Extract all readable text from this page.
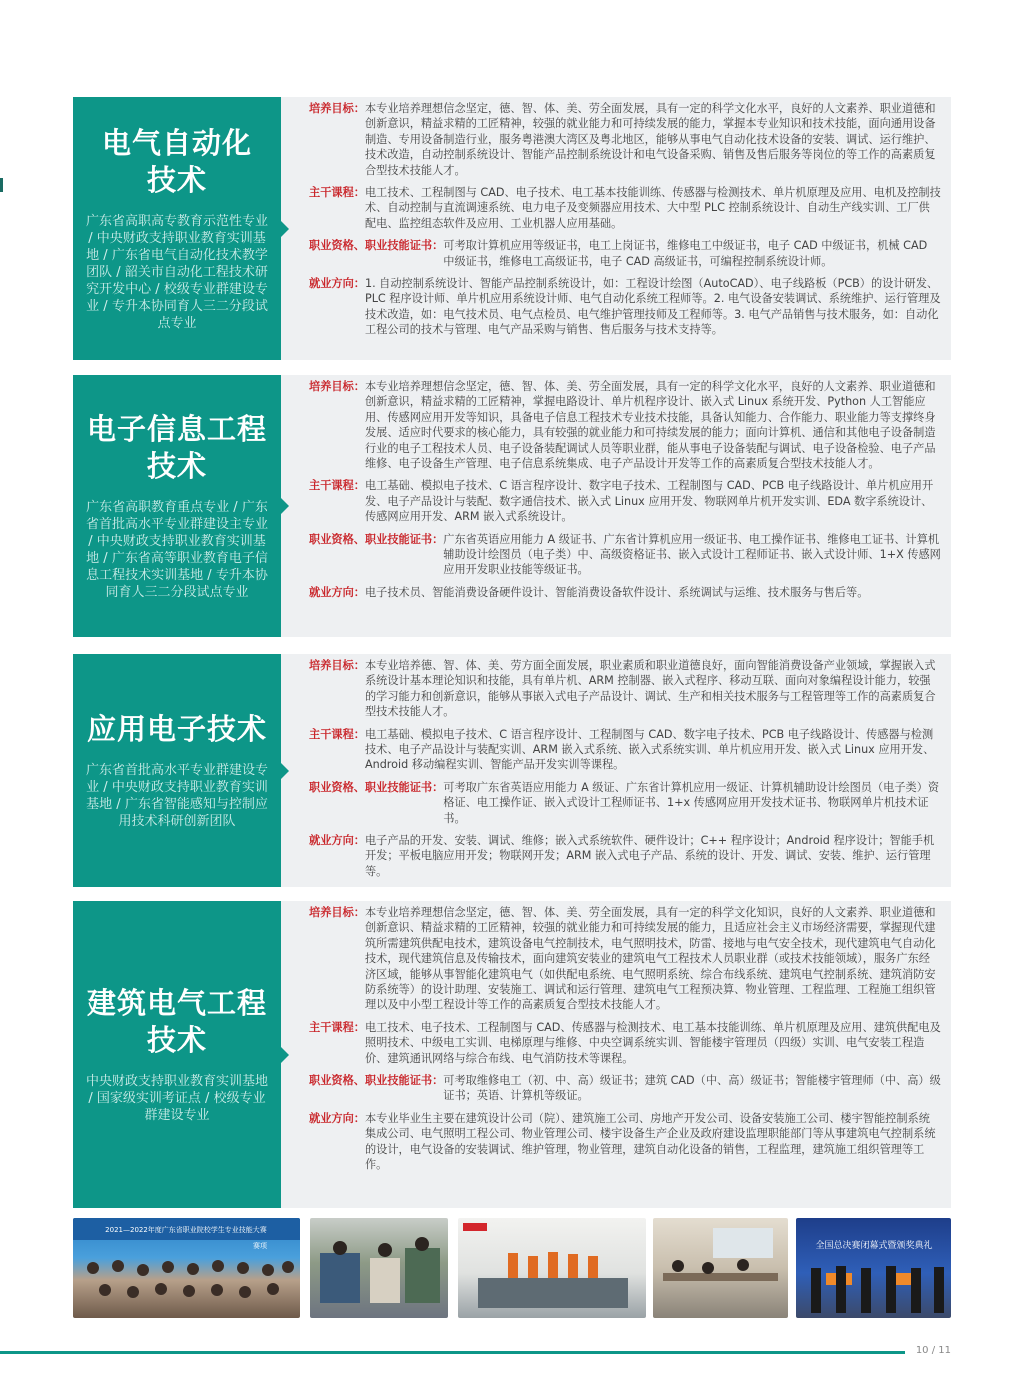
电气自动化
技术
广东省高职高专教育示范性专业 / 中央财政支持职业教育实训基地 / 广东省电气自动化技术教学团队 / 韶关市自动化工程技术研究开发中心 / 校级专业群建设专业 / 专升本协同育人三二分段试点专业
培养目标： 本专业培养理想信念坚定，德、智、体、美、劳全面发展，具有一定的科学文化水平，良好的人文素养、职业道德和创新意识，精益求精的工匠精神，较强的就业能力和可持续发展的能力，掌握本专业知识和技术技能，面向通用设备制造、专用设备制造行业，服务粤港澳大湾区及粤北地区，能够从事电气自动化技术设备的安装、调试、运行维护、技术改造，自动控制系统设计、智能产品控制系统设计和电气设备采购、销售及售后服务等岗位的等工作的高素质复合型技术技能人才。
主干课程： 电工技术、工程制图与 CAD、电子技术、电工基本技能训练、传感器与检测技术、单片机原理及应用、电机及控制技术、自动控制与直流调速系统、电力电子及变频器应用技术、大中型 PLC 控制系统设计、自动生产线实训、工厂供配电、监控组态软件及应用、工业机器人应用基础。
职业资格、职业技能证书： 可考取计算机应用等级证书，电工上岗证书，维修电工中级证书，电子 CAD 中级证书，机械 CAD 中级证书，维修电工高级证书，电子 CAD 高级证书，可编程控制系统设计师。
就业方向： 1. 自动控制系统设计、智能产品控制系统设计，如：工程设计绘图（AutoCAD）、电子线路板（PCB）的设计研发、PLC 程序设计师、单片机应用系统设计师、电气自动化系统工程师等。2. 电气设备安装调试、系统维护、运行管理及技术改造，如：电气技术员、电气点检员、电气维护管理技师及工程师等。3. 电气产品销售与技术服务，如：自动化工程公司的技术与管理、电气产品采购与销售、售后服务与技术支持等。
电子信息工程
技术
广东省高职教育重点专业 / 广东省首批高水平专业群建设主专业 / 中央财政支持职业教育实训基地 / 广东省高等职业教育电子信息工程技术实训基地 / 专升本协同育人三二分段试点专业
培养目标： 本专业培养理想信念坚定，德、智、体、美、劳全面发展，具有一定的科学文化水平，良好的人文素养、职业道德和创新意识，精益求精的工匠精神，掌握电路设计、单片机程序设计、嵌入式 Linux 系统开发、Python 人工智能应用、传感网应用开发等知识，具备电子信息工程技术专业技术技能，具备认知能力、合作能力、职业能力等支撑终身发展、适应时代要求的核心能力，具有较强的就业能力和可持续发展的能力；面向计算机、通信和其他电子设备制造行业的电子工程技术人员、电子设备装配调试人员等职业群，能从事电子设备装配与调试、电子设备检验、电子产品维修、电子设备生产管理、电子信息系统集成、电子产品设计开发等工作的高素质复合型技术技能人才。
主干课程： 电工基础、模拟电子技术、C 语言程序设计、数字电子技术、工程制图与 CAD、PCB 电子线路设计、单片机应用开发、电子产品设计与装配、数字通信技术、嵌入式 Linux 应用开发、物联网单片机开发实训、EDA 数字系统设计、传感网应用开发、ARM 嵌入式系统设计。
职业资格、职业技能证书： 广东省英语应用能力 A 级证书、广东省计算机应用一级证书、电工操作证书、维修电工证书、计算机辅助设计绘图员（电子类）中、高级资格证书、嵌入式设计工程师证书、嵌入式设计师、1+X 传感网应用开发职业技能等级证书。
就业方向： 电子技术员、智能消费设备硬件设计、智能消费设备软件设计、系统调试与运维、技术服务与售后等。
应用电子技术
广东省首批高水平专业群建设专业 / 中央财政支持职业教育实训基地 / 广东省智能感知与控制应用技术科研创新团队
培养目标： 本专业培养德、智、体、美、劳方面全面发展，职业素质和职业道德良好，面向智能消费设备产业领域，掌握嵌入式系统设计基本理论知识和技能，具有单片机、ARM 控制器、嵌入式程序、移动互联、面向对象编程设计能力，较强的学习能力和创新意识，能够从事嵌入式电子产品设计、调试、生产和相关技术服务与工程管理等工作的高素质复合型技术技能人才。
主干课程： 电工基础、模拟电子技术、C 语言程序设计、工程制图与 CAD、数字电子技术、PCB 电子线路设计、传感器与检测技术、电子产品设计与装配实训、ARM 嵌入式系统、嵌入式系统实训、单片机应用开发、嵌入式 Linux 应用开发、Android 移动编程实训、智能产品开发实训等课程。
职业资格、职业技能证书： 可考取广东省英语应用能力 A 级证、广东省计算机应用一级证、计算机辅助设计绘图员（电子类）资格证、电工操作证、嵌入式设计工程师证书、1+x 传感网应用开发技术证书、物联网单片机技术证书。
就业方向： 电子产品的开发、安装、调试、维修；嵌入式系统软件、硬件设计；C++ 程序设计；Android 程序设计；智能手机开发；平板电脑应用开发；物联网开发；ARM 嵌入式电子产品、系统的设计、开发、调试、安装、维护、运行管理等。
建筑电气工程
技术
中央财政支持职业教育实训基地 / 国家级实训考证点 / 校级专业群建设专业
培养目标： 本专业培养理想信念坚定，德、智、体、美、劳全面发展，具有一定的科学文化知识，良好的人文素养、职业道德和创新意识、精益求精的工匠精神，较强的就业能力和可持续发展的能力，且适应社会主义市场经济需要，掌握现代建筑所需建筑供配电技术，建筑设备电气控制技术，电气照明技术，防雷、接地与电气安全技术，现代建筑电气自动化技术，现代建筑信息及传输技术，面向建筑安装业的建筑电气工程技术人员职业群（或技术技能领域），服务广东经济区域，能够从事智能化建筑电气（如供配电系统、电气照明系统、综合布线系统、建筑电气控制系统、建筑消防安防系统等）的设计助理、安装施工、调试和运行管理、建筑电气工程预决算、物业管理、工程监理、工程施工组织管理以及中小型工程设计等工作的高素质复合型技术技能人才。
主干课程： 电工技术、电子技术、工程制图与 CAD、传感器与检测技术、电工基本技能训练、单片机原理及应用、建筑供配电及照明技术、中级电工实训、电梯原理与维修、中央空调系统实训、智能楼宇管理员（四级）实训、电气安装工程造价、建筑通讯网络与综合布线、电气消防技术等课程。
职业资格、职业技能证书： 可考取维修电工（初、中、高）级证书；建筑 CAD（中、高）级证书；智能楼宇管理师（中、高）级证书；英语、计算机等级证。
就业方向： 本专业毕业生主要在建筑设计公司（院）、建筑施工公司、房地产开发公司、设备安装施工公司、楼宇智能控制系统集成公司、电气照明工程公司、物业管理公司、楼宇设备生产企业及政府建设监理职能部门等从事建筑电气控制系统的设计，电气设备的安装调试、维护管理，物业管理，建筑自动化设备的销售，工程监理，建筑施工组织管理等工作。
2021—2022年度广东省职业院校学生专业技能大赛
赛项	全国总决赛闭幕式暨颁奖典礼
10 / 11
